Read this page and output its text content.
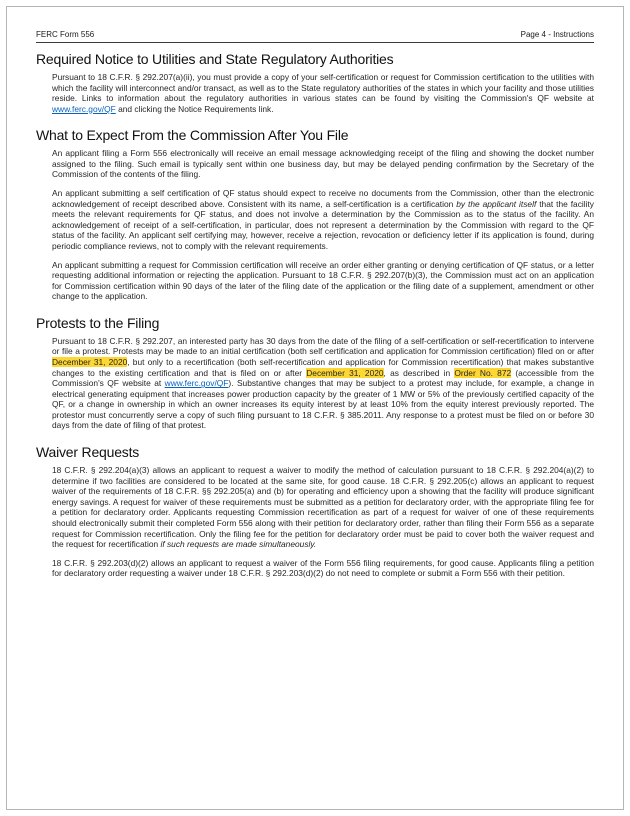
FERC Form 556	Page 4 - Instructions
Required Notice to Utilities and State Regulatory Authorities

Pursuant to 18 C.F.R. § 292.207(a)(ii), you must provide a copy of your self-certification or request for Commission certification to the utilities with which the facility will interconnect and/or transact, as well as to the State regulatory authorities of the states in which your facility and those utilities reside. Links to information about the regulatory authorities in various states can be found by visiting the Commission's QF website at www.ferc.gov/QF and clicking the Notice Requirements link.

What to Expect From the Commission After You File

An applicant filing a Form 556 electronically will receive an email message acknowledging receipt of the filing and showing the docket number assigned to the filing. Such email is typically sent within one business day, but may be delayed pending confirmation by the Secretary of the Commission of the contents of the filing.

An applicant submitting a self certification of QF status should expect to receive no documents from the Commission, other than the electronic acknowledgement of receipt described above. Consistent with its name, a self-certification is a certification by the applicant itself that the facility meets the relevant requirements for QF status, and does not involve a determination by the Commission as to the status of the facility. An acknowledgement of receipt of a self-certification, in particular, does not represent a determination by the Commission with regard to the QF status of the facility. An applicant self certifying may, however, receive a rejection, revocation or deficiency letter if its application is found, during periodic compliance reviews, not to comply with the relevant requirements.

An applicant submitting a request for Commission certification will receive an order either granting or denying certification of QF status, or a letter requesting additional information or rejecting the application. Pursuant to 18 C.F.R. § 292.207(b)(3), the Commission must act on an application for Commission certification within 90 days of the later of the filing date of the application or the filing date of a supplement, amendment or other change to the application.

Protests to the Filing

Pursuant to 18 C.F.R. § 292.207, an interested party has 30 days from the date of the filing of a self-certification or self-recertification to intervene or file a protest. Protests may be made to an initial certification (both self certification and application for Commission certification) filed on or after December 31, 2020, but only to a recertification (both self-recertification and application for Commission recertification) that makes substantive changes to the existing certification and that is filed on or after December 31, 2020, as described in Order No. 872 (accessible from the Commission's QF website at www.ferc.gov/QF). Substantive changes that may be subject to a protest may include, for example, a change in electrical generating equipment that increases power production capacity by the greater of 1 MW or 5% of the previously certified capacity of the QF, or a change in ownership in which an owner increases its equity interest by at least 10% from the equity interest previously reported. The protestor must concurrently serve a copy of such filing pursuant to 18 C.F.R. § 385.2011. Any response to a protest must be filed on or before 30 days from the date of filing of that protest.

Waiver Requests

18 C.F.R. § 292.204(a)(3) allows an applicant to request a waiver to modify the method of calculation pursuant to 18 C.F.R. § 292.204(a)(2) to determine if two facilities are considered to be located at the same site, for good cause. 18 C.F.R. § 292.205(c) allows an applicant to request waiver of the requirements of 18 C.F.R. §§ 292.205(a) and (b) for operating and efficiency upon a showing that the facility will produce significant energy savings. A request for waiver of these requirements must be submitted as a petition for declaratory order, with the appropriate filing fee for a petition for declaratory order. Applicants requesting Commission recertification as part of a request for waiver of one of these requirements should electronically submit their completed Form 556 along with their petition for declaratory order, rather than filing their Form 556 as a separate request for Commission recertification. Only the filing fee for the petition for declaratory order must be paid to cover both the waiver request and the request for recertification if such requests are made simultaneously.

18 C.F.R. § 292.203(d)(2) allows an applicant to request a waiver of the Form 556 filing requirements, for good cause. Applicants filing a petition for declaratory order requesting a waiver under 18 C.F.R. § 292.203(d)(2) do not need to complete or submit a Form 556 with their petition.
